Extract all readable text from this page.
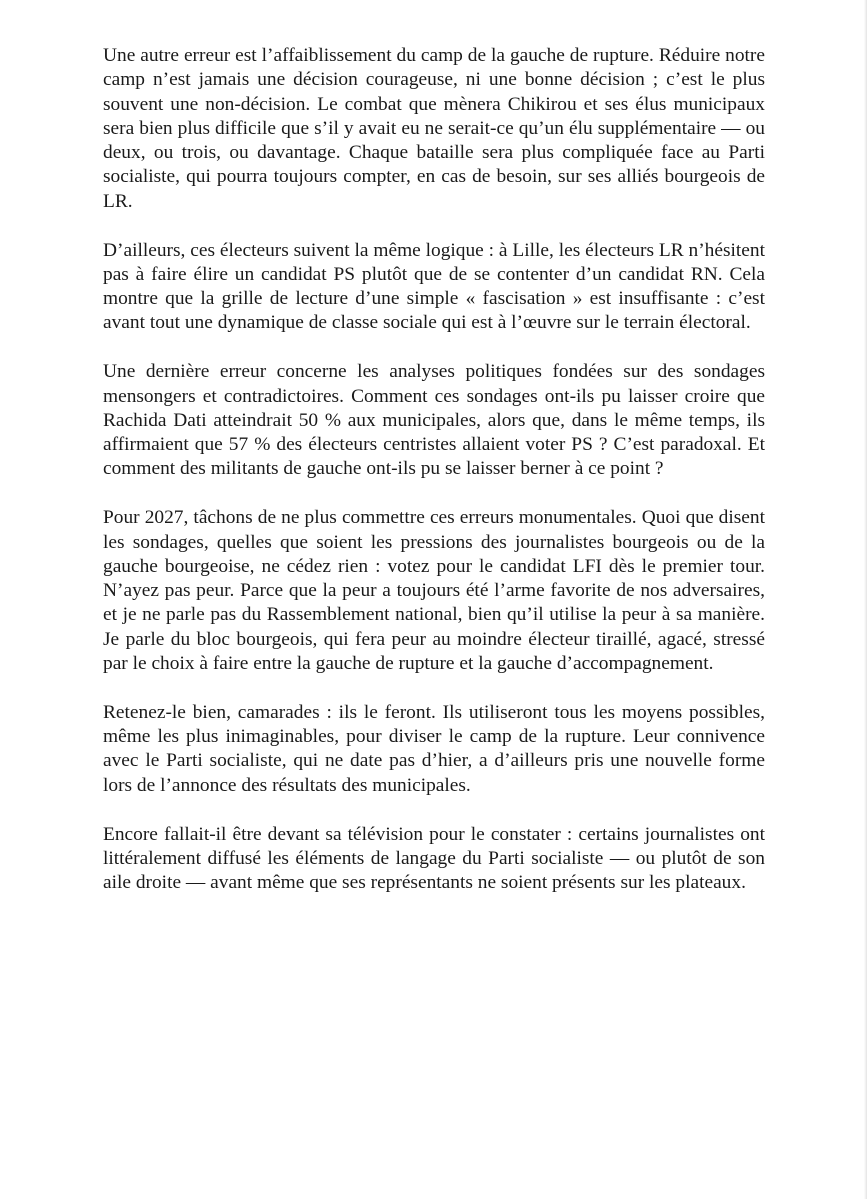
Une autre erreur est l’affaiblissement du camp de la gauche de rupture. Réduire notre camp n’est jamais une décision courageuse, ni une bonne décision ; c’est le plus souvent une non-décision. Le combat que mènera Chikirou et ses élus municipaux sera bien plus difficile que s’il y avait eu ne serait-ce qu’un élu supplémentaire — ou deux, ou trois, ou davantage. Chaque bataille sera plus compliquée face au Parti socialiste, qui pourra toujours compter, en cas de besoin, sur ses alliés bourgeois de LR.

D’ailleurs, ces électeurs suivent la même logique : à Lille, les électeurs LR n’hésitent pas à faire élire un candidat PS plutôt que de se contenter d’un candidat RN. Cela montre que la grille de lecture d’une simple « fascisation » est insuffisante : c’est avant tout une dynamique de classe sociale qui est à l’œuvre sur le terrain électoral.

Une dernière erreur concerne les analyses politiques fondées sur des sondages mensongers et contradictoires. Comment ces sondages ont-ils pu laisser croire que Rachida Dati atteindrait 50 % aux municipales, alors que, dans le même temps, ils affirmaient que 57 % des électeurs centristes allaient voter PS ? C’est paradoxal. Et comment des militants de gauche ont-ils pu se laisser berner à ce point ?

Pour 2027, tâchons de ne plus commettre ces erreurs monumentales. Quoi que disent les sondages, quelles que soient les pressions des journalistes bourgeois ou de la gauche bourgeoise, ne cédez rien : votez pour le candidat LFI dès le premier tour. N’ayez pas peur. Parce que la peur a toujours été l’arme favorite de nos adversaires, et je ne parle pas du Rassemblement national, bien qu’il utilise la peur à sa manière. Je parle du bloc bourgeois, qui fera peur au moindre électeur tiraillé, agacé, stressé par le choix à faire entre la gauche de rupture et la gauche d’accompagnement.

Retenez-le bien, camarades : ils le feront. Ils utiliseront tous les moyens possibles, même les plus inimaginables, pour diviser le camp de la rupture. Leur connivence avec le Parti socialiste, qui ne date pas d’hier, a d’ailleurs pris une nouvelle forme lors de l’annonce des résultats des municipales.

Encore fallait-il être devant sa télévision pour le constater : certains journalistes ont littéralement diffusé les éléments de langage du Parti socialiste — ou plutôt de son aile droite — avant même que ses représentants ne soient présents sur les plateaux.
